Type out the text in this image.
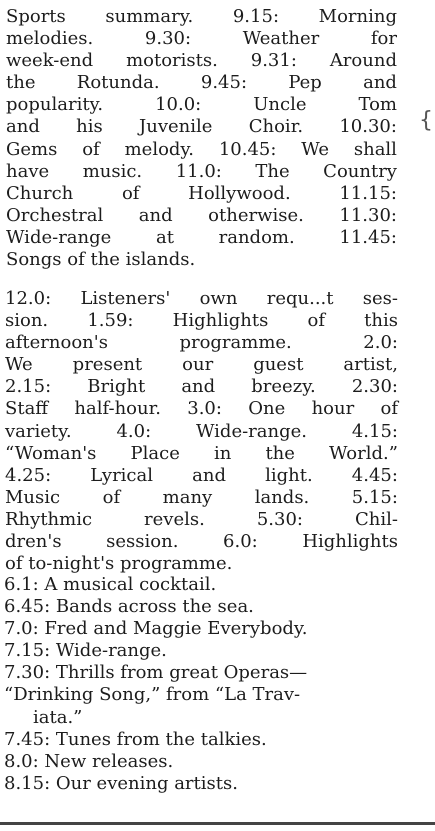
Sports summary. 9.15: Morning
melodies.	9.30:	Weather	for
week-end motorists. 9.31: Around
the Rotunda. 9.45: Pep and
popularity.	10.0:	Uncle	Tom
and his Juvenile Choir. 10.30:
Gems of melody. 10.45: We shall
have music. 11.0: The Country
Church	of	Hollywood.	11.15:
Orchestral and otherwise. 11.30:
Wide-range at random. 11.45:
Songs of the islands.
12.0: Listeners' own requ...t ses-
sion. 1.59: Highlights of this
afternoon's	programme.	2.0:
We present our guest artist,
2.15: Bright and breezy. 2.30:
Staff half-hour. 3.0: One hour of
variety. 4.0: Wide-range. 4.15:
“Woman's Place in the World.”
4.25: Lyrical and light. 4.45:
Music of many lands. 5.15:
Rhythmic	revels.	5.30:	Chil-
dren's session. 6.0: Highlights
of to-night's programme.
6.1: A musical cocktail.
6.45: Bands across the sea.
7.0: Fred and Maggie Everybody.
7.15: Wide-range.
7.30: Thrills from great Operas—
“Drinking Song,” from “La Trav-
iata.”
7.45: Tunes from the talkies.
8.0: New releases.
8.15: Our evening artists.
{
